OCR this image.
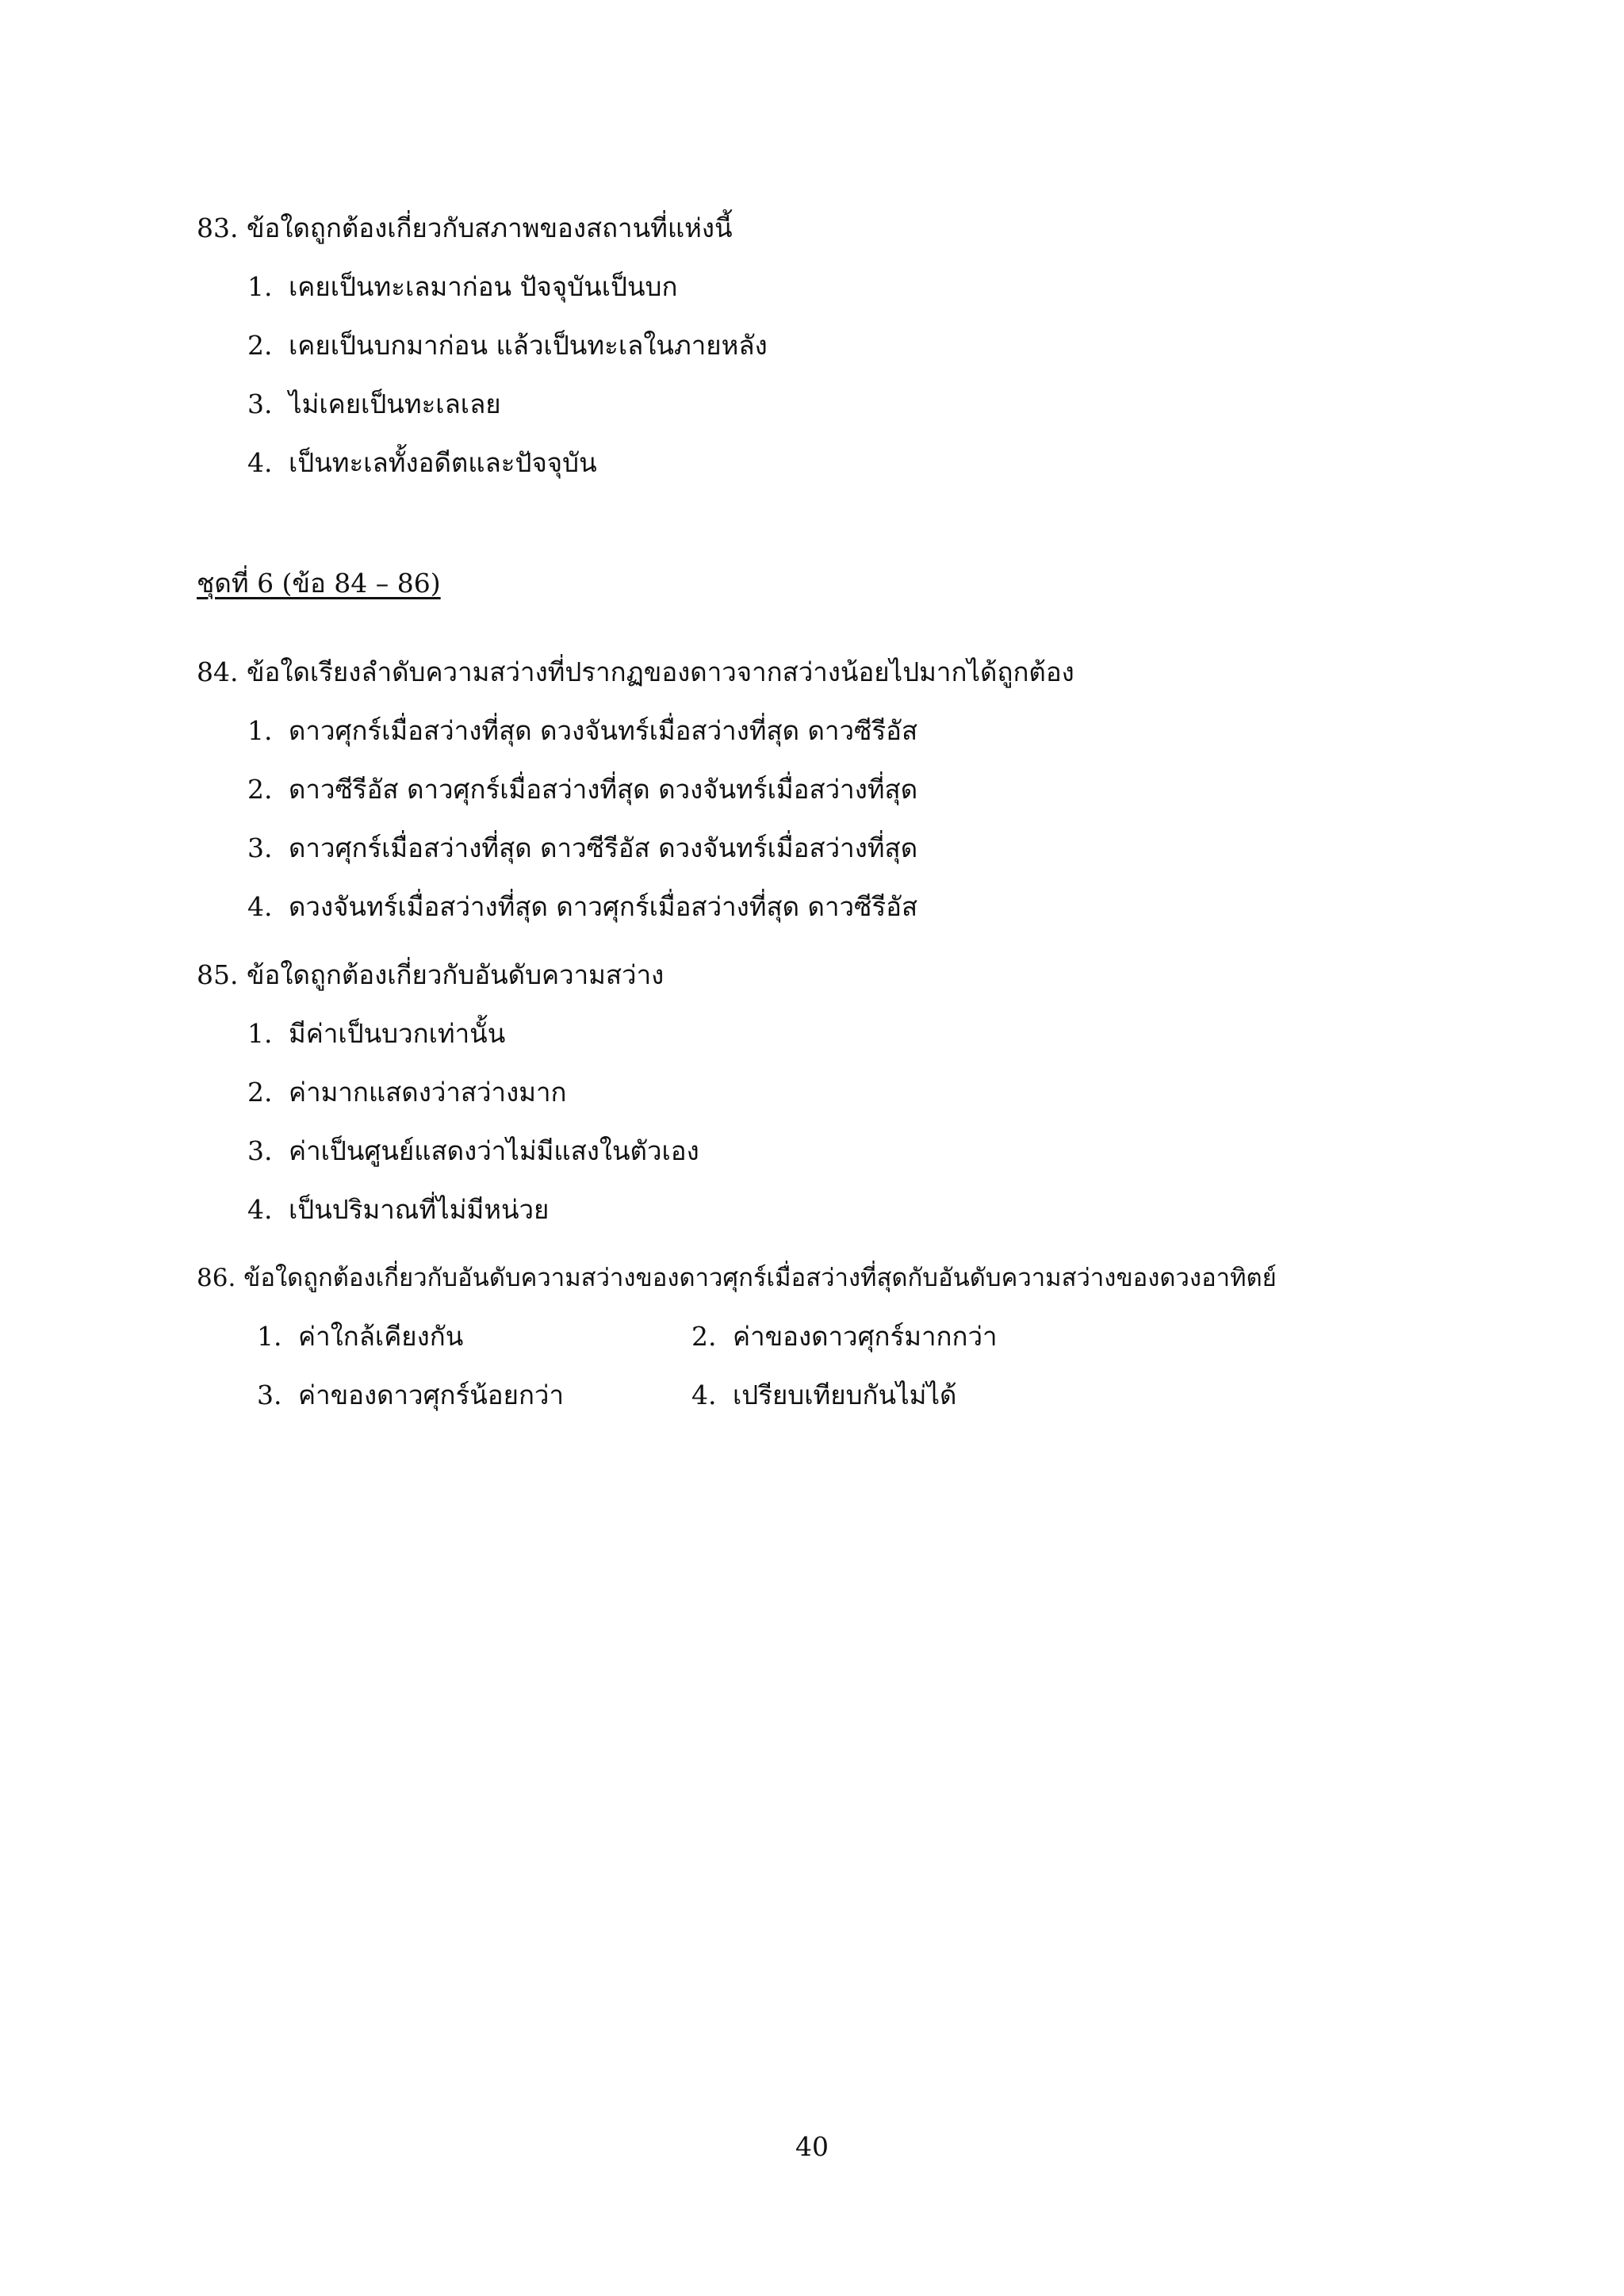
83. ข้อใดถูกต้องเกี่ยวกับสภาพของสถานที่แห่งนี้
1. เคยเป็นทะเลมาก่อน ปัจจุบันเป็นบก
2. เคยเป็นบกมาก่อน แล้วเป็นทะเลในภายหลัง
3. ไม่เคยเป็นทะเลเลย
4. เป็นทะเลทั้งอดีตและปัจจุบัน
ชุดที่ 6 (ข้อ 84 – 86)
84. ข้อใดเรียงลำดับความสว่างที่ปรากฏของดาวจากสว่างน้อยไปมากได้ถูกต้อง
1. ดาวศุกร์เมื่อสว่างที่สุด ดวงจันทร์เมื่อสว่างที่สุด ดาวซีรีอัส
2. ดาวซีรีอัส ดาวศุกร์เมื่อสว่างที่สุด ดวงจันทร์เมื่อสว่างที่สุด
3. ดาวศุกร์เมื่อสว่างที่สุด ดาวซีรีอัส ดวงจันทร์เมื่อสว่างที่สุด
4. ดวงจันทร์เมื่อสว่างที่สุด ดาวศุกร์เมื่อสว่างที่สุด ดาวซีรีอัส
85. ข้อใดถูกต้องเกี่ยวกับอันดับความสว่าง
1. มีค่าเป็นบวกเท่านั้น
2. ค่ามากแสดงว่าสว่างมาก
3. ค่าเป็นศูนย์แสดงว่าไม่มีแสงในตัวเอง
4. เป็นปริมาณที่ไม่มีหน่วย
86. ข้อใดถูกต้องเกี่ยวกับอันดับความสว่างของดาวศุกร์เมื่อสว่างที่สุดกับอันดับความสว่างของดวงอาทิตย์
1. ค่าใกล้เคียงกัน	2. ค่าของดาวศุกร์มากกว่า
3. ค่าของดาวศุกร์น้อยกว่า	4. เปรียบเทียบกันไม่ได้
40
